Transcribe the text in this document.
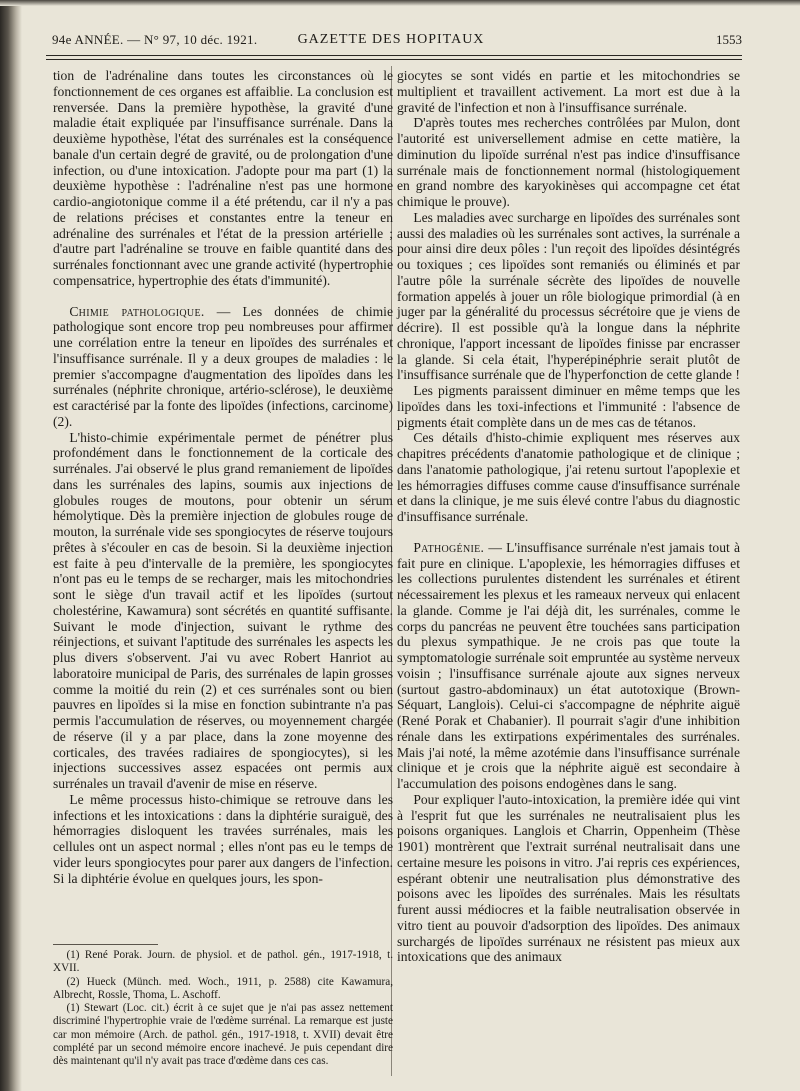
94e ANNÉE. — N° 97, 10 déc. 1921.	GAZETTE DES HOPITAUX	1553

tion de l'adrénaline dans toutes les circonstances où le fonctionnement de ces organes est affaiblie. La conclusion est renversée. Dans la première hypothèse, la gravité d'une maladie était expliquée par l'insuffisance surrénale. Dans la deuxième hypothèse, l'état des surrénales est la conséquence banale d'un certain degré de gravité, ou de prolongation d'une infection, ou d'une intoxication. J'adopte pour ma part (1) la deuxième hypothèse : l'adrénaline n'est pas une hormone cardio-angiotonique comme il a été prétendu, car il n'y a pas de relations précises et constantes entre la teneur en adrénaline des surrénales et l'état de la pression artérielle ; d'autre part l'adrénaline se trouve en faible quantité dans des surrénales fonctionnant avec une grande activité (hypertrophie compensatrice, hypertrophie des états d'immunité).

Chimie pathologique. — Les données de chimie pathologique sont encore trop peu nombreuses pour affirmer une corrélation entre la teneur en lipoïdes des surrénales et l'insuffisance surrénale. Il y a deux groupes de maladies : le premier s'accompagne d'augmentation des lipoïdes dans les surrénales (néphrite chronique, artério-sclérose), le deuxième est caractérisé par la fonte des lipoïdes (infections, carcinome) (2).

L'histo-chimie expérimentale permet de pénétrer plus profondément dans le fonctionnement de la corticale des surrénales. J'ai observé le plus grand remaniement de lipoïdes dans les surrénales des lapins, soumis aux injections de globules rouges de moutons, pour obtenir un sérum hémolytique. Dès la première injection de globules rouge de mouton, la surrénale vide ses spongiocytes de réserve toujours prêtes à s'écouler en cas de besoin. Si la deuxième injection est faite à peu d'intervalle de la première, les spongiocytes n'ont pas eu le temps de se recharger, mais les mitochondries sont le siège d'un travail actif et les lipoïdes (surtout cholestérine, Kawamura) sont sécrétés en quantité suffisante. Suivant le mode d'injection, suivant le rythme des réinjections, et suivant l'aptitude des surrénales les aspects les plus divers s'observent. J'ai vu avec Robert Hanriot au laboratoire municipal de Paris, des surrénales de lapin grosses comme la moitié du rein (2) et ces surrénales sont ou bien pauvres en lipoïdes si la mise en fonction subintrante n'a pas permis l'accumulation de réserves, ou moyennement chargée de réserve (il y a par place, dans la zone moyenne des corticales, des travées radiaires de spongiocytes), si les injections successives assez espacées ont permis aux surrénales un travail d'avenir de mise en réserve.

Le même processus histo-chimique se retrouve dans les infections et les intoxications : dans la diphtérie suraiguë, des hémorragies disloquent les travées surrénales, mais les cellules ont un aspect normal ; elles n'ont pas eu le temps de vider leurs spongiocytes pour parer aux dangers de l'infection. Si la diphtérie évolue en quelques jours, les spon-

(1) René Porak. Journ. de physiol. et de pathol. gén., 1917-1918, t. XVII.

(2) Hueck (Münch. med. Woch., 1911, p. 2588) cite Kawamura, Albrecht, Rossle, Thoma, L. Aschoff.

(1) Stewart (Loc. cit.) écrit à ce sujet que je n'ai pas assez nettement discriminé l'hypertrophie vraie de l'œdème surrénal. La remarque est juste car mon mémoire (Arch. de pathol. gén., 1917-1918, t. XVII) devait être complété par un second mémoire encore inachevé. Je puis cependant dire dès maintenant qu'il n'y avait pas trace d'œdème dans ces cas.

giocytes se sont vidés en partie et les mitochondries se multiplient et travaillent activement. La mort est due à la gravité de l'infection et non à l'insuffisance surrénale.

D'après toutes mes recherches contrôlées par Mulon, dont l'autorité est universellement admise en cette matière, la diminution du lipoïde surrénal n'est pas indice d'insuffisance surrénale mais de fonctionnement normal (histologiquement en grand nombre des karyokinèses qui accompagne cet état chimique le prouve).

Les maladies avec surcharge en lipoïdes des surrénales sont aussi des maladies où les surrénales sont actives, la surrénale a pour ainsi dire deux pôles : l'un reçoit des lipoïdes désintégrés ou toxiques ; ces lipoïdes sont remaniés ou éliminés et par l'autre pôle la surrénale sécrète des lipoïdes de nouvelle formation appelés à jouer un rôle biologique primordial (à en juger par la généralité du processus sécrétoire que je viens de décrire). Il est possible qu'à la longue dans la néphrite chronique, l'apport incessant de lipoïdes finisse par encrasser la glande. Si cela était, l'hyperépinéphrie serait plutôt de l'insuffisance surrénale que de l'hyperfonction de cette glande !

Les pigments paraissent diminuer en même temps que les lipoïdes dans les toxi-infections et l'immunité : l'absence de pigments était complète dans un de mes cas de tétanos.

Ces détails d'histo-chimie expliquent mes réserves aux chapitres précédents d'anatomie pathologique et de clinique ; dans l'anatomie pathologique, j'ai retenu surtout l'apoplexie et les hémorragies diffuses comme cause d'insuffisance surrénale et dans la clinique, je me suis élevé contre l'abus du diagnostic d'insuffisance surrénale.

Pathogénie. — L'insuffisance surrénale n'est jamais tout à fait pure en clinique. L'apoplexie, les hémorragies diffuses et les collections purulentes distendent les surrénales et étirent nécessairement les plexus et les rameaux nerveux qui enlacent la glande. Comme je l'ai déjà dit, les surrénales, comme le corps du pancréas ne peuvent être touchées sans participation du plexus sympathique. Je ne crois pas que toute la symptomatologie surrénale soit empruntée au système nerveux voisin ; l'insuffisance surrénale ajoute aux signes nerveux (surtout gastro-abdominaux) un état autotoxique (Brown-Séquart, Langlois). Celui-ci s'accompagne de néphrite aiguë (René Porak et Chabanier). Il pourrait s'agir d'une inhibition rénale dans les extirpations expérimentales des surrénales. Mais j'ai noté, la même azotémie dans l'insuffisance surrénale clinique et je crois que la néphrite aiguë est secondaire à l'accumulation des poisons endogènes dans le sang.

Pour expliquer l'auto-intoxication, la première idée qui vint à l'esprit fut que les surrénales ne neutralisaient plus les poisons organiques. Langlois et Charrin, Oppenheim (Thèse 1901) montrèrent que l'extrait surrénal neutralisait dans une certaine mesure les poisons in vitro. J'ai repris ces expériences, espérant obtenir une neutralisation plus démonstrative des poisons avec les lipoïdes des surrénales. Mais les résultats furent aussi médiocres et la faible neutralisation observée in vitro tient au pouvoir d'adsorption des lipoïdes. Des animaux surchargés de lipoïdes surrénaux ne résistent pas mieux aux intoxications que des animaux
